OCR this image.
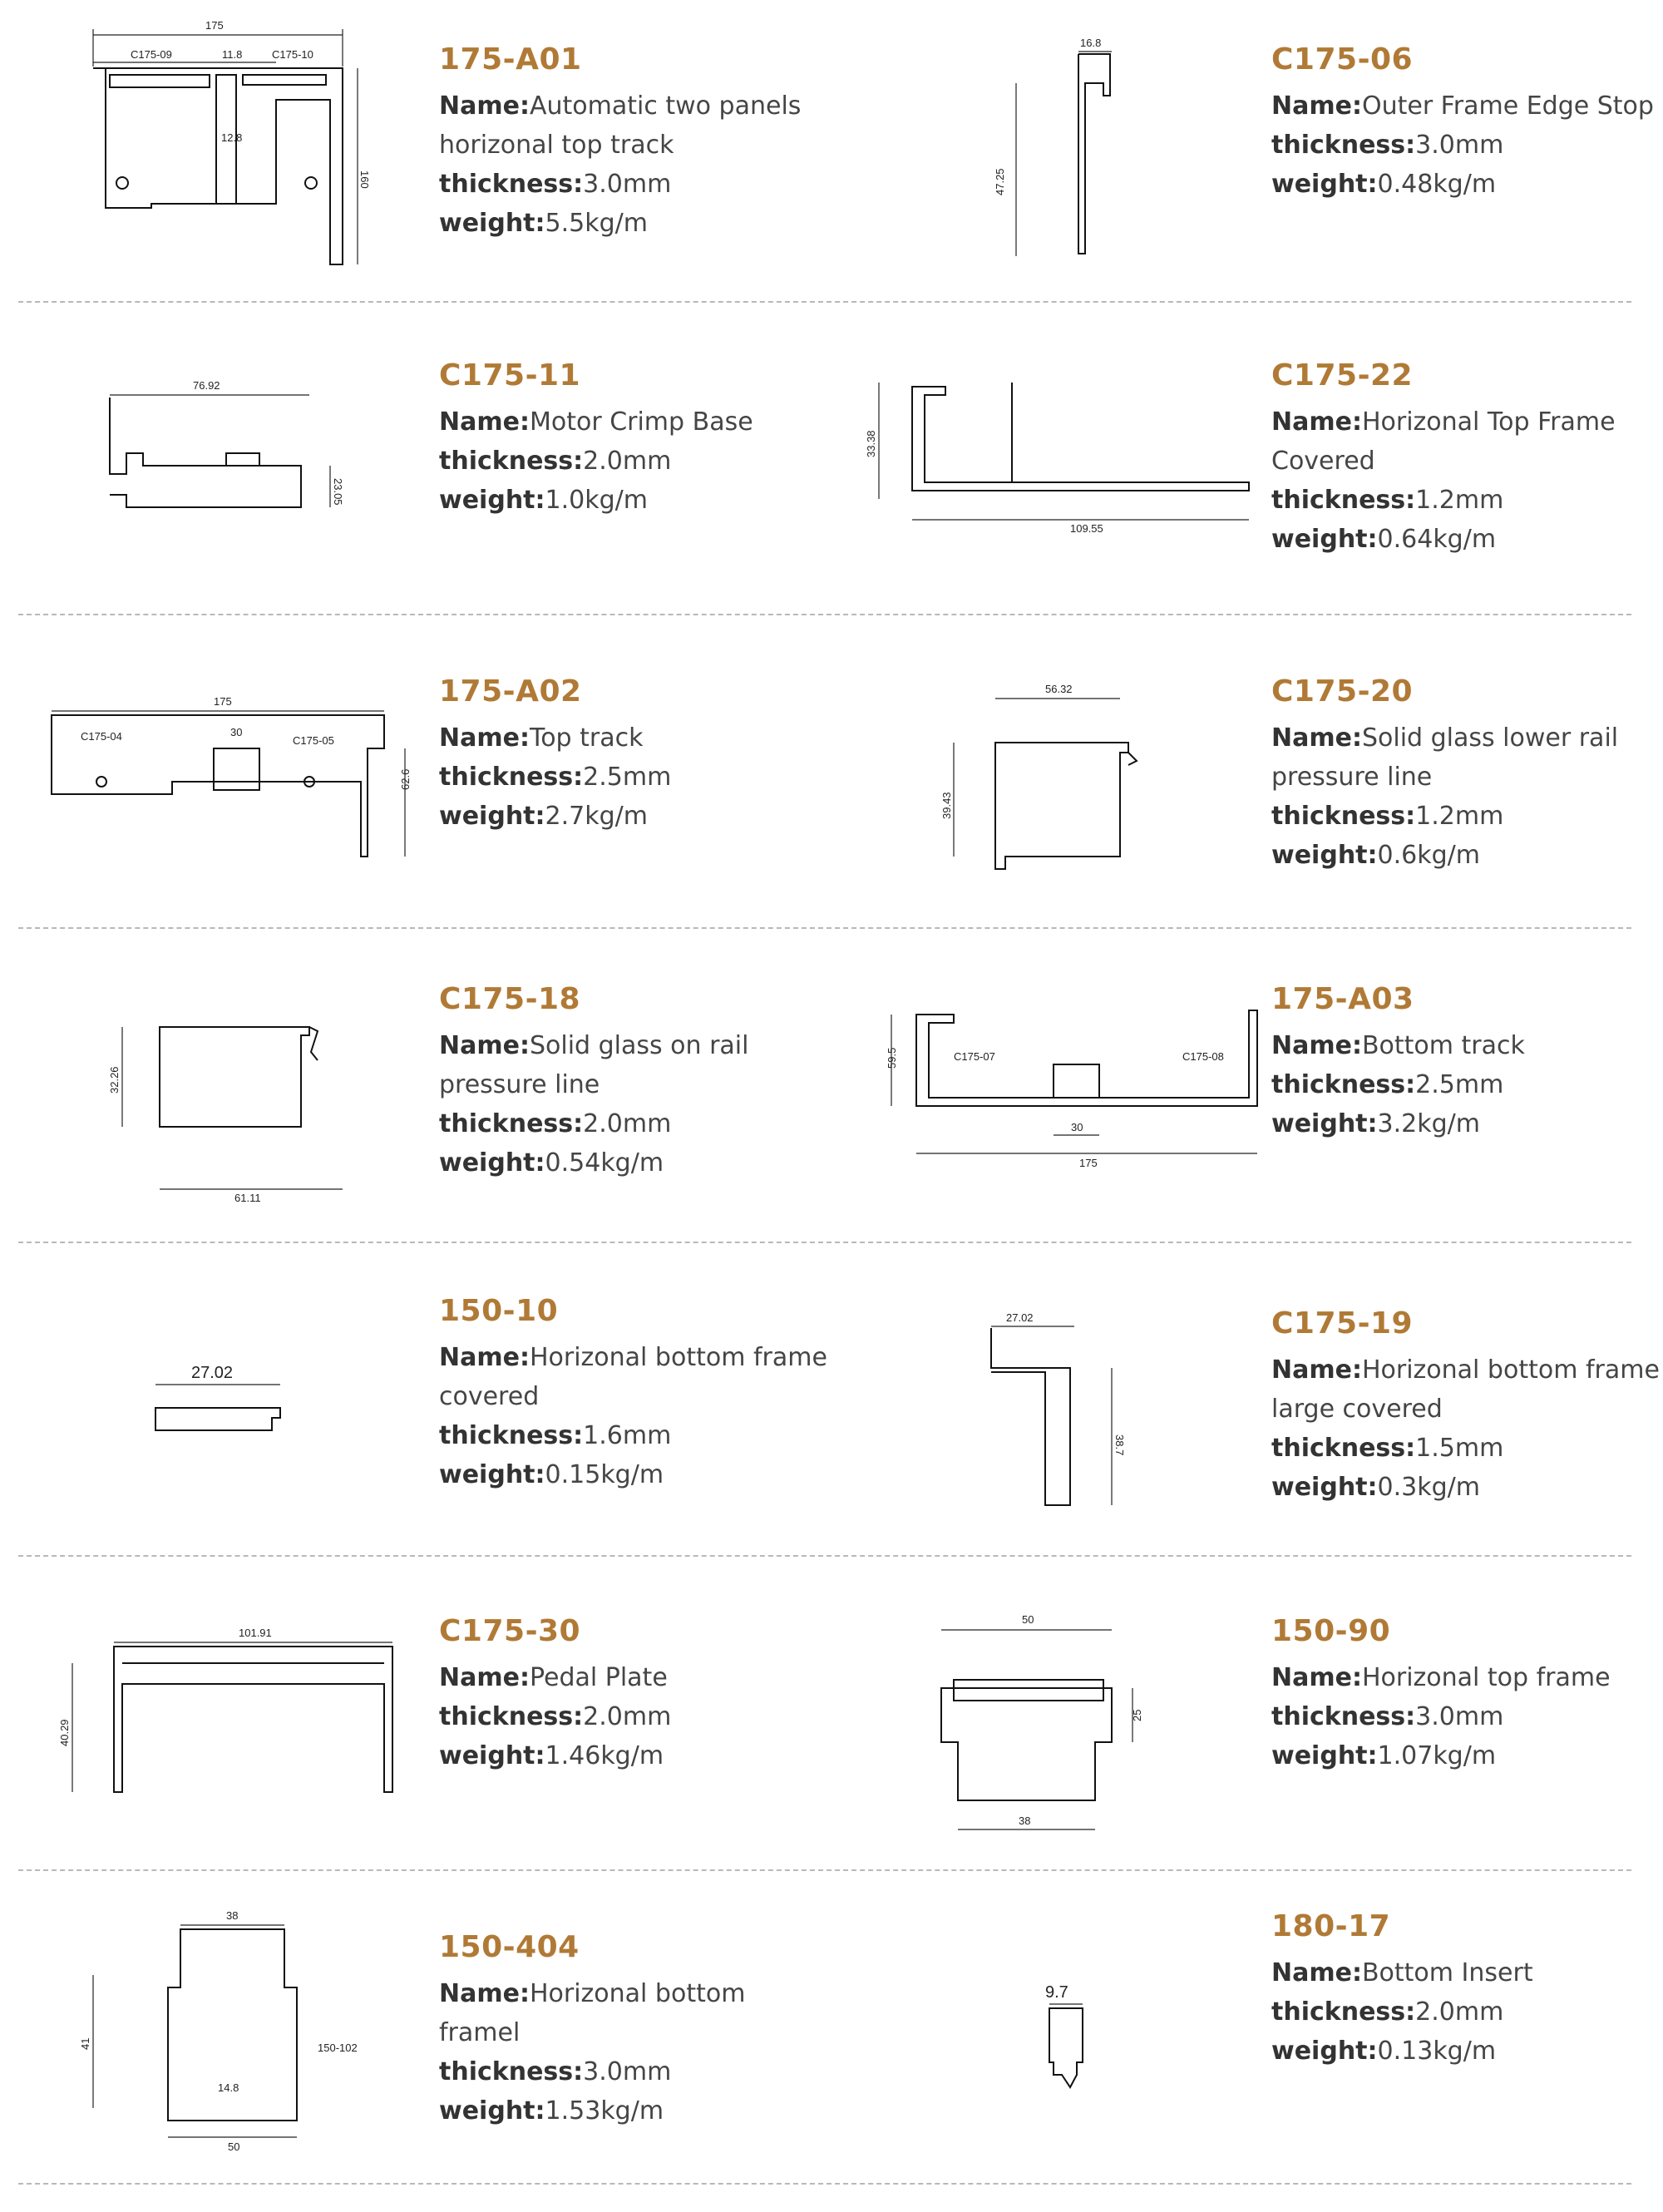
175
C175-09	11.8	C175-10
12.8
160
175-A01
Name:Automatic two panels horizonal top track
thickness:3.0mm
weight:5.5kg/m
16.8
47.25
C175-06
Name:Outer Frame Edge Stop
thickness:3.0mm
weight:0.48kg/m
76.92
23.05
C175-11
Name:Motor Crimp Base
thickness:2.0mm
weight:1.0kg/m
33.38
109.55
C175-22
Name:Horizonal Top Frame Covered
thickness:1.2mm
weight:0.64kg/m
175
C175-04	30
C175-05
62.6
175-A02
Name:Top track
thickness:2.5mm
weight:2.7kg/m
56.32
39.43
C175-20
Name:Solid glass lower rail pressure line
thickness:1.2mm
weight:0.6kg/m
32.26
61.11
C175-18
Name:Solid glass on rail pressure line
thickness:2.0mm
weight:0.54kg/m
59.5	C175-07	C175-08
30
175
175-A03
Name:Bottom track
thickness:2.5mm
weight:3.2kg/m
27.02
150-10
Name:Horizonal bottom frame covered
thickness:1.6mm
weight:0.15kg/m
27.02
38.7
C175-19
Name:Horizonal bottom frame large covered
thickness:1.5mm
weight:0.3kg/m
101.91
40.29
C175-30
Name:Pedal Plate
thickness:2.0mm
weight:1.46kg/m
50
25
38
150-90
Name:Horizonal top frame
thickness:3.0mm
weight:1.07kg/m
38
41	150-102
14.8
50
150-404
Name:Horizonal bottom framel
thickness:3.0mm
weight:1.53kg/m
9.7
180-17
Name:Bottom Insert
thickness:2.0mm
weight:0.13kg/m
